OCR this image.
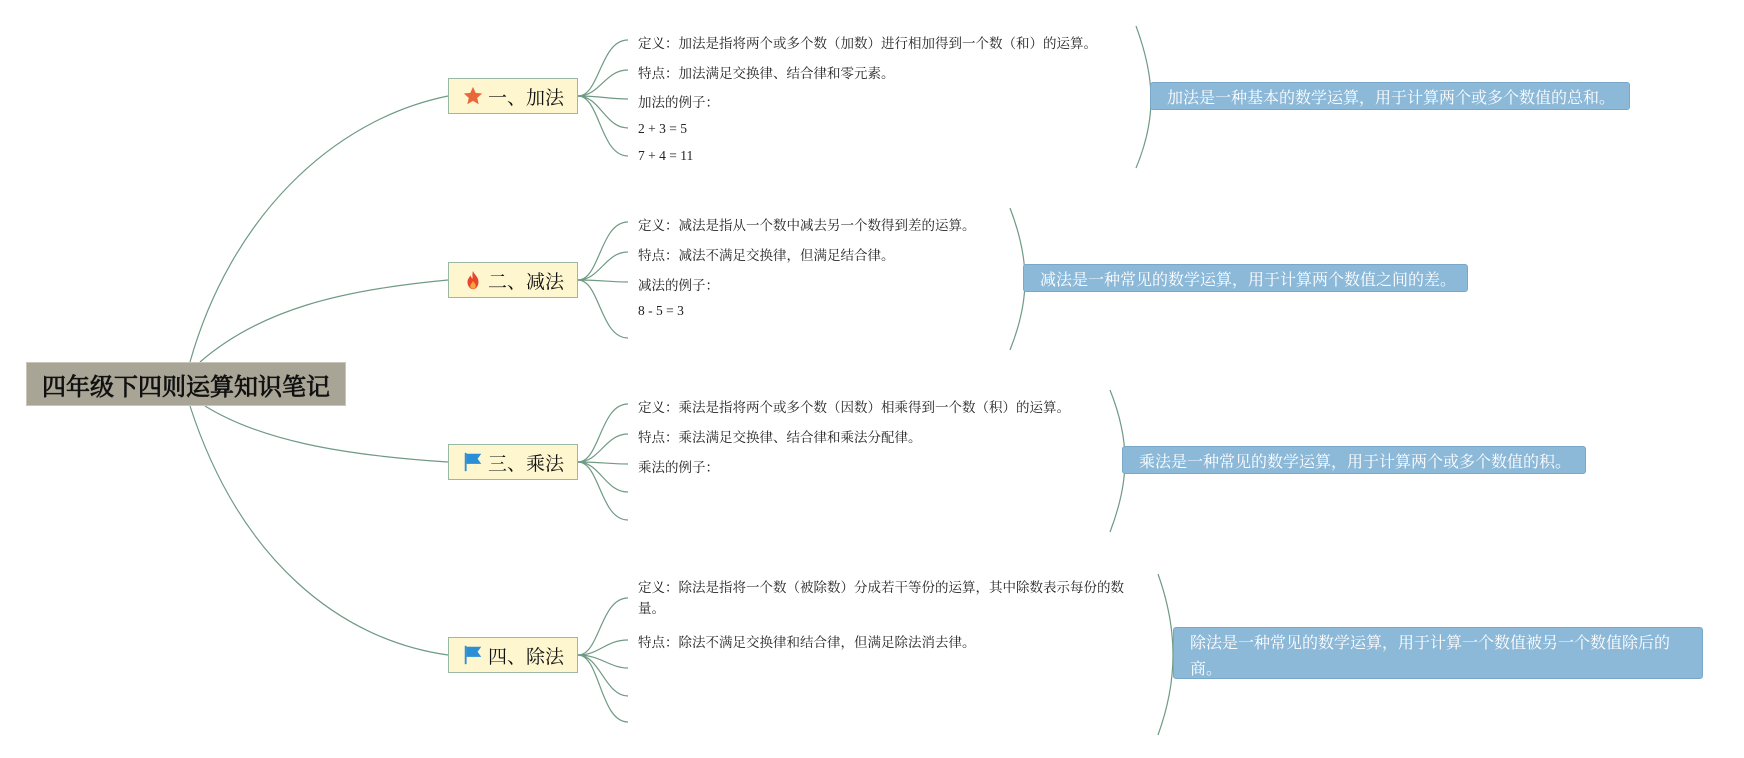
四年级下四则运算知识笔记
一、加法
定义：加法是指将两个或多个数（加数）进行相加得到一个数（和）的运算。
特点：加法满足交换律、结合律和零元素。
加法的例子：
2 + 3 = 5
7 + 4 = 11
加法是一种基本的数学运算，用于计算两个或多个数值的总和。
二、减法
定义：减法是指从一个数中减去另一个数得到差的运算。
特点：减法不满足交换律，但满足结合律。
减法的例子：
8 - 5 = 3
减法是一种常见的数学运算，用于计算两个数值之间的差。
三、乘法
定义：乘法是指将两个或多个数（因数）相乘得到一个数（积）的运算。
特点：乘法满足交换律、结合律和乘法分配律。
乘法的例子：	乘法是一种常见的数学运算，用于计算两个或多个数值的积。
四、除法
定义：除法是指将一个数（被除数）分成若干等份的运算，其中除数表示每份的数量。
特点：除法不满足交换律和结合律，但满足除法消去律。	除法是一种常见的数学运算，用于计算一个数值被另一个数值除后的商。
